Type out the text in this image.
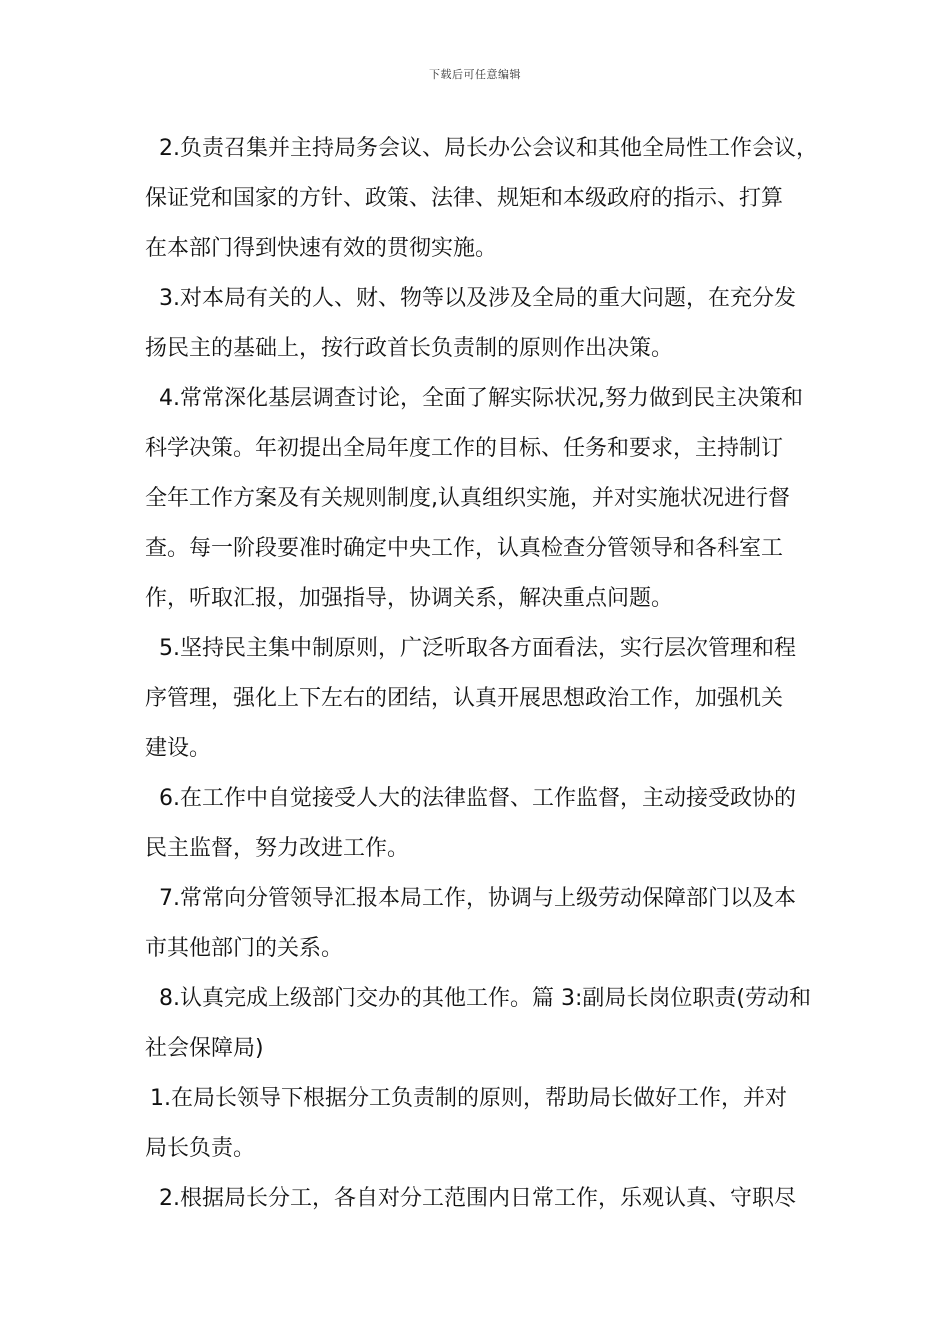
下载后可任意编辑
2.负责召集并主持局务会议、局长办公会议和其他全局性工作会议，
保证党和国家的方针、政策、法律、规矩和本级政府的指示、打算
在本部门得到快速有效的贯彻实施。
3.对本局有关的人、财、物等以及涉及全局的重大问题，在充分发
扬民主的基础上，按行政首长负责制的原则作出决策。
4.常常深化基层调查讨论，全面了解实际状况,努力做到民主决策和
科学决策。年初提出全局年度工作的目标、任务和要求，主持制订
全年工作方案及有关规则制度,认真组织实施，并对实施状况进行督
查。每一阶段要准时确定中央工作，认真检查分管领导和各科室工
作，听取汇报，加强指导，协调关系，解决重点问题。
5.坚持民主集中制原则，广泛听取各方面看法，实行层次管理和程
序管理，强化上下左右的团结，认真开展思想政治工作，加强机关
建设。
6.在工作中自觉接受人大的法律监督、工作监督，主动接受政协的
民主监督，努力改进工作。
7.常常向分管领导汇报本局工作，协调与上级劳动保障部门以及本
市其他部门的关系。
8.认真完成上级部门交办的其他工作。篇 3:副局长岗位职责(劳动和
社会保障局)
1.在局长领导下根据分工负责制的原则，帮助局长做好工作，并对
局长负责。
2.根据局长分工，各自对分工范围内日常工作，乐观认真、守职尽
